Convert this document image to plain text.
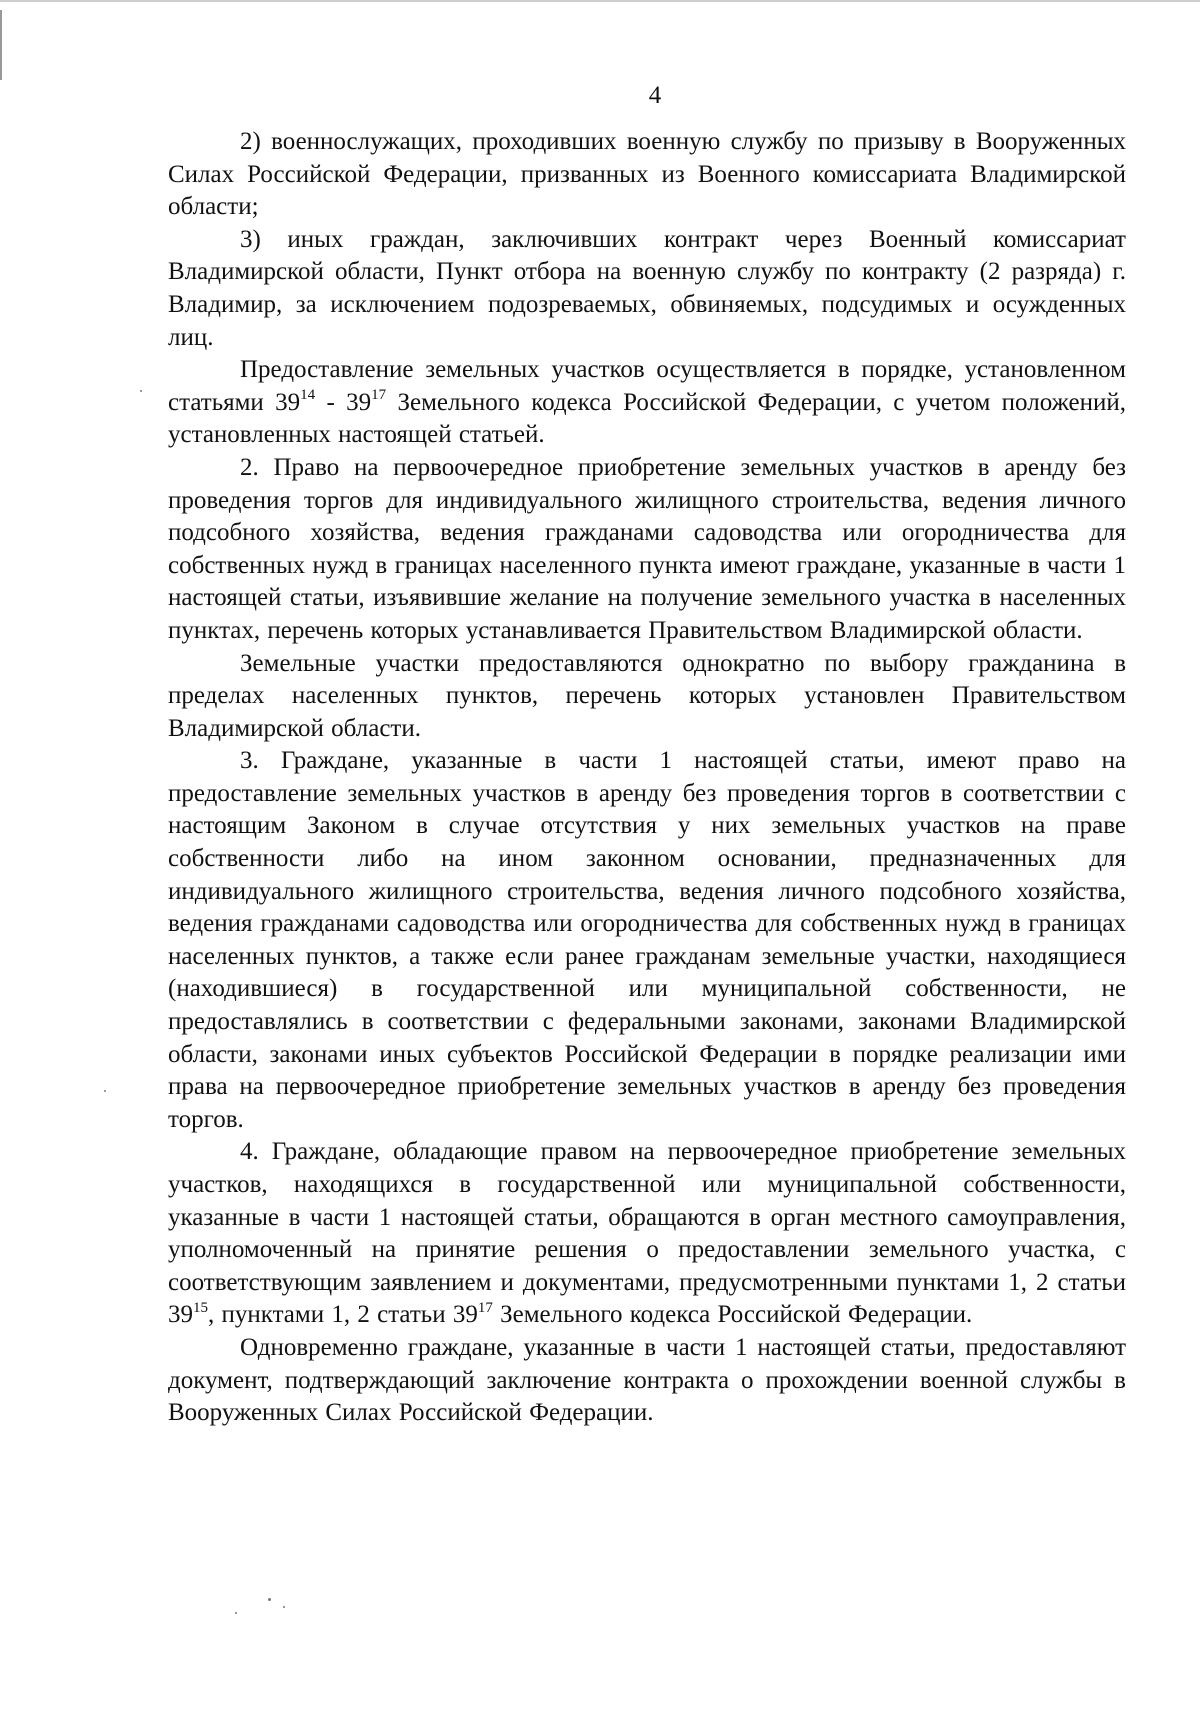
4

2) военнослужащих, проходивших военную службу по призыву в Вооруженных Силах Российской Федерации, призванных из Военного комиссариата Владимирской области;

3) иных граждан, заключивших контракт через Военный комиссариат Владимирской области, Пункт отбора на военную службу по контракту (2 разряда) г. Владимир, за исключением подозреваемых, обвиняемых, подсудимых и осужденных лиц.

Предоставление земельных участков осуществляется в порядке, установленном статьями $39^{14} - 39^{17}$ Земельного кодекса Российской Федерации, с учетом положений, установленных настоящей статьей.

2. Право на первоочередное приобретение земельных участков в аренду без проведения торгов для индивидуального жилищного строительства, ведения личного подсобного хозяйства, ведения гражданами садоводства или огородничества для собственных нужд в границах населенного пункта имеют граждане, указанные в части 1 настоящей статьи, изъявившие желание на получение земельного участка в населенных пунктах, перечень которых устанавливается Правительством Владимирской области.

Земельные участки предоставляются однократно по выбору гражданина в пределах населенных пунктов, перечень которых установлен Правительством Владимирской области.

3. Граждане, указанные в части 1 настоящей статьи, имеют право на предоставление земельных участков в аренду без проведения торгов в соответствии с настоящим Законом в случае отсутствия у них земельных участков на праве собственности либо на ином законном основании, предназначенных для индивидуального жилищного строительства, ведения личного подсобного хозяйства, ведения гражданами садоводства или огородничества для собственных нужд в границах населенных пунктов, а также если ранее гражданам земельные участки, находящиеся (находившиеся) в государственной или муниципальной собственности, не предоставлялись в соответствии с федеральными законами, законами Владимирской области, законами иных субъектов Российской Федерации в порядке реализации ими права на первоочередное приобретение земельных участков в аренду без проведения торгов.

4. Граждане, обладающие правом на первоочередное приобретение земельных участков, находящихся в государственной или муниципальной собственности, указанные в части 1 настоящей статьи, обращаются в орган местного самоуправления, уполномоченный на принятие решения о предоставлении земельного участка, с соответствующим заявлением и документами, предусмотренными пунктами 1, 2 статьи $39^{15}$, пунктами 1, 2 статьи $39^{17}$ Земельного кодекса Российской Федерации.

Одновременно граждане, указанные в части 1 настоящей статьи, предоставляют документ, подтверждающий заключение контракта о прохождении военной службы в Вооруженных Силах Российской Федерации.
